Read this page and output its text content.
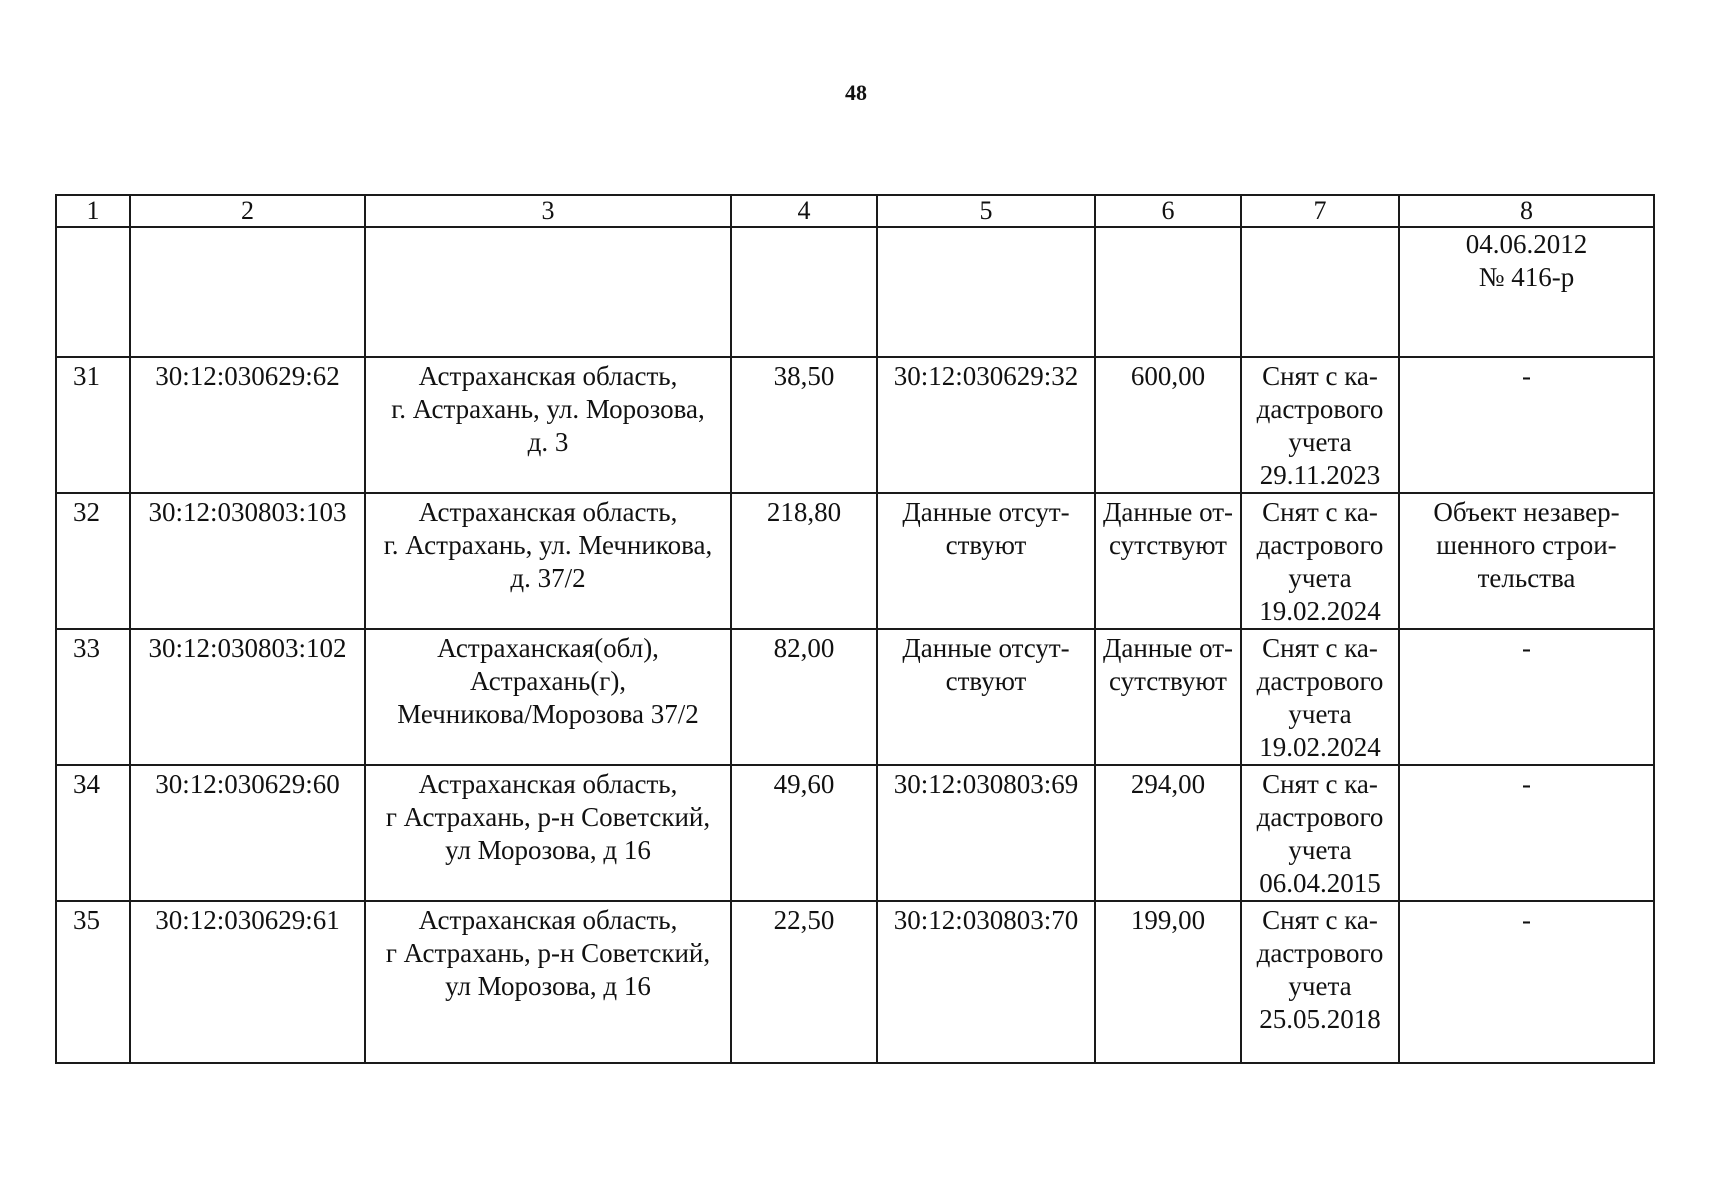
48
1	2	3	4	5	6	7	8

							04.06.2012
№ 416-р

31	30:12:030629:62	Астраханская область,
г. Астрахань, ул. Морозова,
д. 3	38,50	30:12:030629:32	600,00	Снят с ка-
дастрового
учета
29.11.2023	-

32	30:12:030803:103	Астраханская область,
г. Астрахань, ул. Мечникова,
д. 37/2	218,80	Данные отсут-
ствуют	Данные от-
сутствуют	Снят с ка-
дастрового
учета
19.02.2024	Объект незавер-
шенного строи-
тельства

33	30:12:030803:102	Астраханская(обл),
Астрахань(г),
Мечникова/Морозова 37/2	82,00	Данные отсут-
ствуют	Данные от-
сутствуют	Снят с ка-
дастрового
учета
19.02.2024	-

34	30:12:030629:60	Астраханская область,
г Астрахань, р-н Советский,
ул Морозова, д 16	49,60	30:12:030803:69	294,00	Снят с ка-
дастрового
учета
06.04.2015	-

35	30:12:030629:61	Астраханская область,
г Астрахань, р-н Советский,
ул Морозова, д 16	22,50	30:12:030803:70	199,00	Снят с ка-
дастрового
учета
25.05.2018	-
